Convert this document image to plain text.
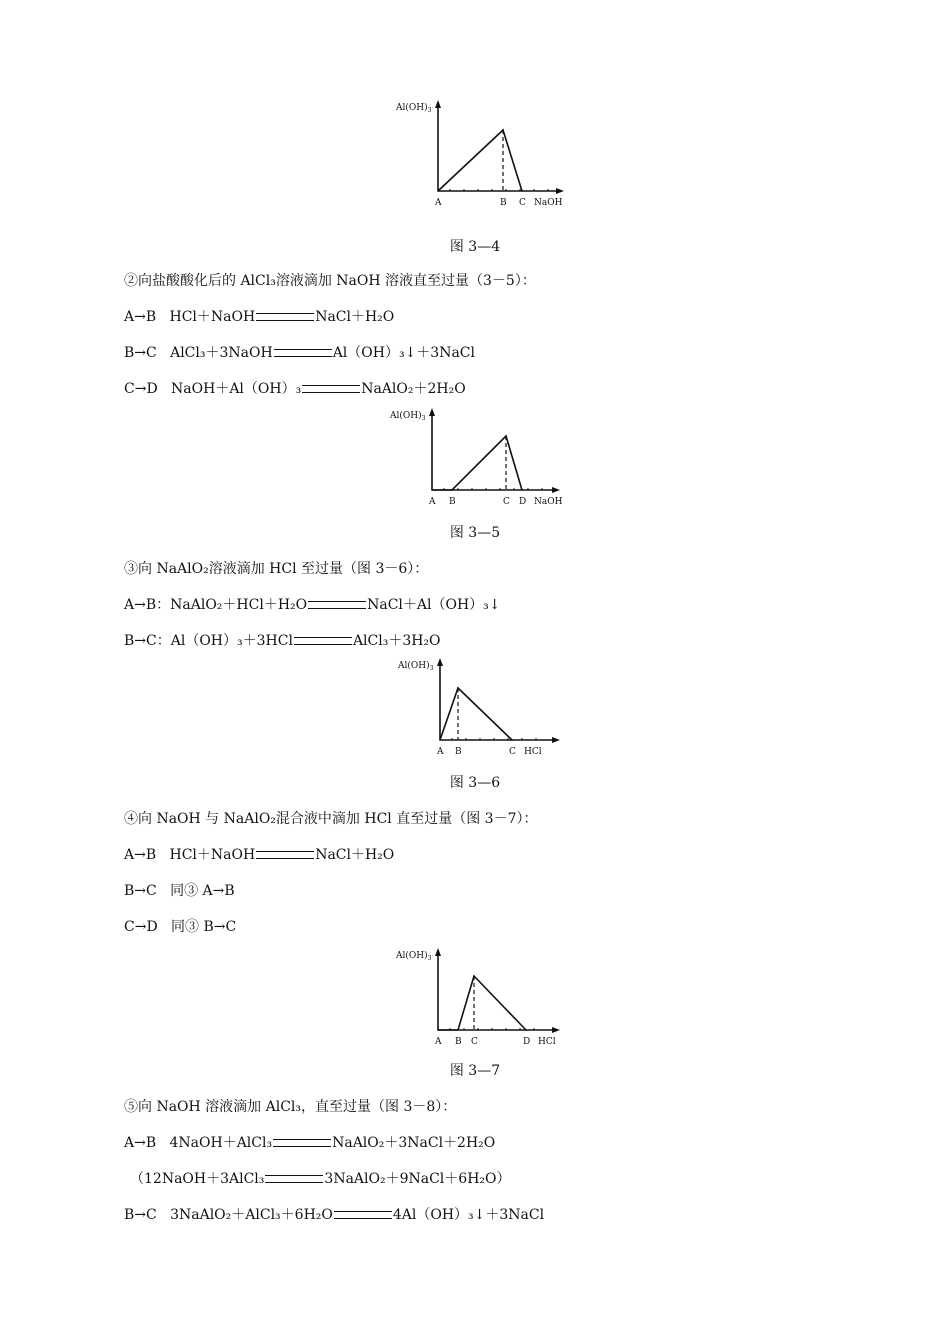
$Al(OH)_3$
A	B C NaOH
图 3—4
②向盐酸酸化后的 AlCl₃溶液滴加 NaOH 溶液直至过量（3－5）：
A→B HCl＋NaOH	NaCl＋H₂O
B→C AlCl₃＋3NaOH	Al（OH）₃↓＋3NaCl
C→D NaOH＋Al（OH）₃	NaAlO₂＋2H₂O
$Al(OH)_3$
A B	C D NaOH
图 3—5
③向 NaAlO₂溶液滴加 HCl 至过量（图 3－6）：
A→B：NaAlO₂＋HCl＋H₂O	NaCl＋Al（OH）₃↓
B→C：Al（OH）₃＋3HCl	AlCl₃＋3H₂O
$Al(OH)_3$
A B	C HCl
图 3—6
④向 NaOH 与 NaAlO₂混合液中滴加 HCl 直至过量（图 3－7）：
A→B HCl＋NaOH	NaCl＋H₂O
B→C 同③ A→B
C→D 同③ B→C
$Al(OH)_3$
A B C	D HCl
图 3—7
⑤向 NaOH 溶液滴加 AlCl₃，直至过量（图 3－8）：
A→B 4NaOH＋AlCl₃	NaAlO₂＋3NaCl＋2H₂O
（12NaOH＋3AlCl₃	3NaAlO₂＋9NaCl＋6H₂O）
B→C 3NaAlO₂＋AlCl₃＋6H₂O	4Al（OH）₃↓＋3NaCl
